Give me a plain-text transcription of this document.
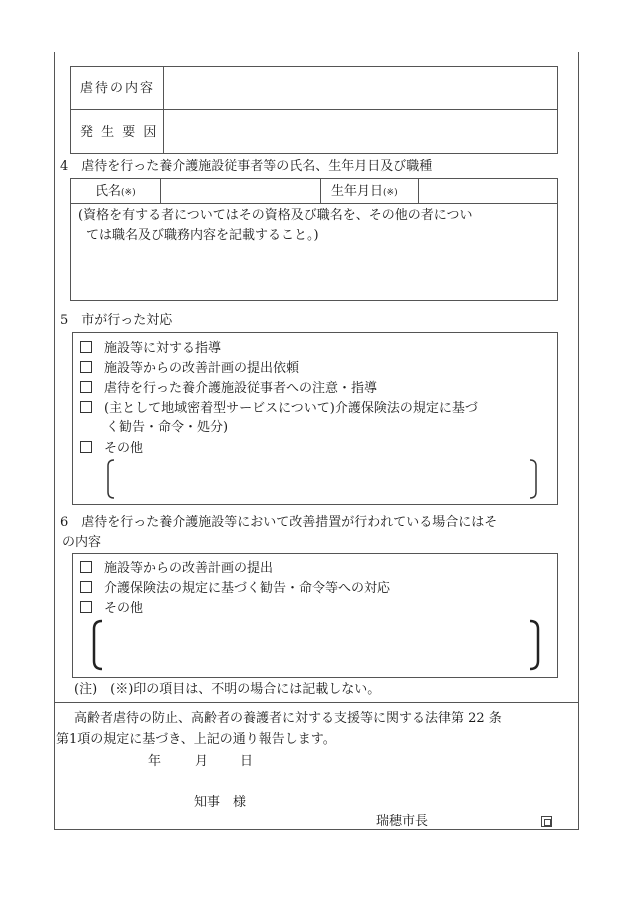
虐待の内容
発 生 要 因
4　虐待を行った養介護施設従事者等の氏名、生年月日及び職種
氏名(※)	生年月日(※)
(資格を有する者についてはその資格及び職名を、その他の者につい
ては職名及び職務内容を記載すること。)
5　市が行った対応
施設等に対する指導
施設等からの改善計画の提出依頼
虐待を行った養介護施設従事者への注意・指導
(主として地域密着型サービスについて)介護保険法の規定に基づ
く勧告・命令・処分)
その他
6　虐待を行った養介護施設等において改善措置が行われている場合にはそ
の内容
施設等からの改善計画の提出
介護保険法の規定に基づく勧告・命令等への対応
その他
(注)　(※)印の項目は、不明の場合には記載しない。
高齢者虐待の防止、高齢者の養護者に対する支援等に関する法律第 22 条
第1項の規定に基づき、上記の通り報告します。
年	月 日
知事　様
瑞穂市長
